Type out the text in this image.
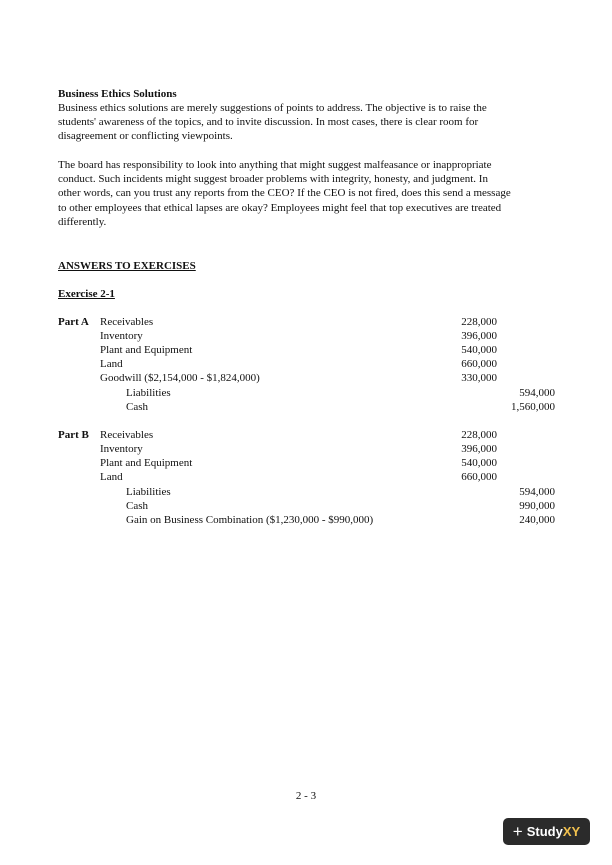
Business Ethics Solutions

Business ethics solutions are merely suggestions of points to address. The objective is to raise the

students' awareness of the topics, and to invite discussion. In most cases, there is clear room for

disagreement or conflicting viewpoints.

The board has responsibility to look into anything that might suggest malfeasance or inappropriate

conduct. Such incidents might suggest broader problems with integrity, honesty, and judgment. In

other words, can you trust any reports from the CEO? If the CEO is not fired, does this send a message

to other employees that ethical lapses are okay? Employees might feel that top executives are treated

differently.

ANSWERS TO EXERCISES
Exercise 2-1
Part A Receivables	228,000
Inventory	396,000
Plant and Equipment	540,000
Land	660,000
Goodwill ($2,154,000 - $1,824,000)	330,000
Liabilities	594,000
Cash	1,560,000
Part B Receivables	228,000
Inventory	396,000
Plant and Equipment	540,000
Land	660,000
Liabilities	594,000
Cash	990,000
Gain on Business Combination ($1,230,000 - $990,000)	240,000
2 - 3
+ Study XY
